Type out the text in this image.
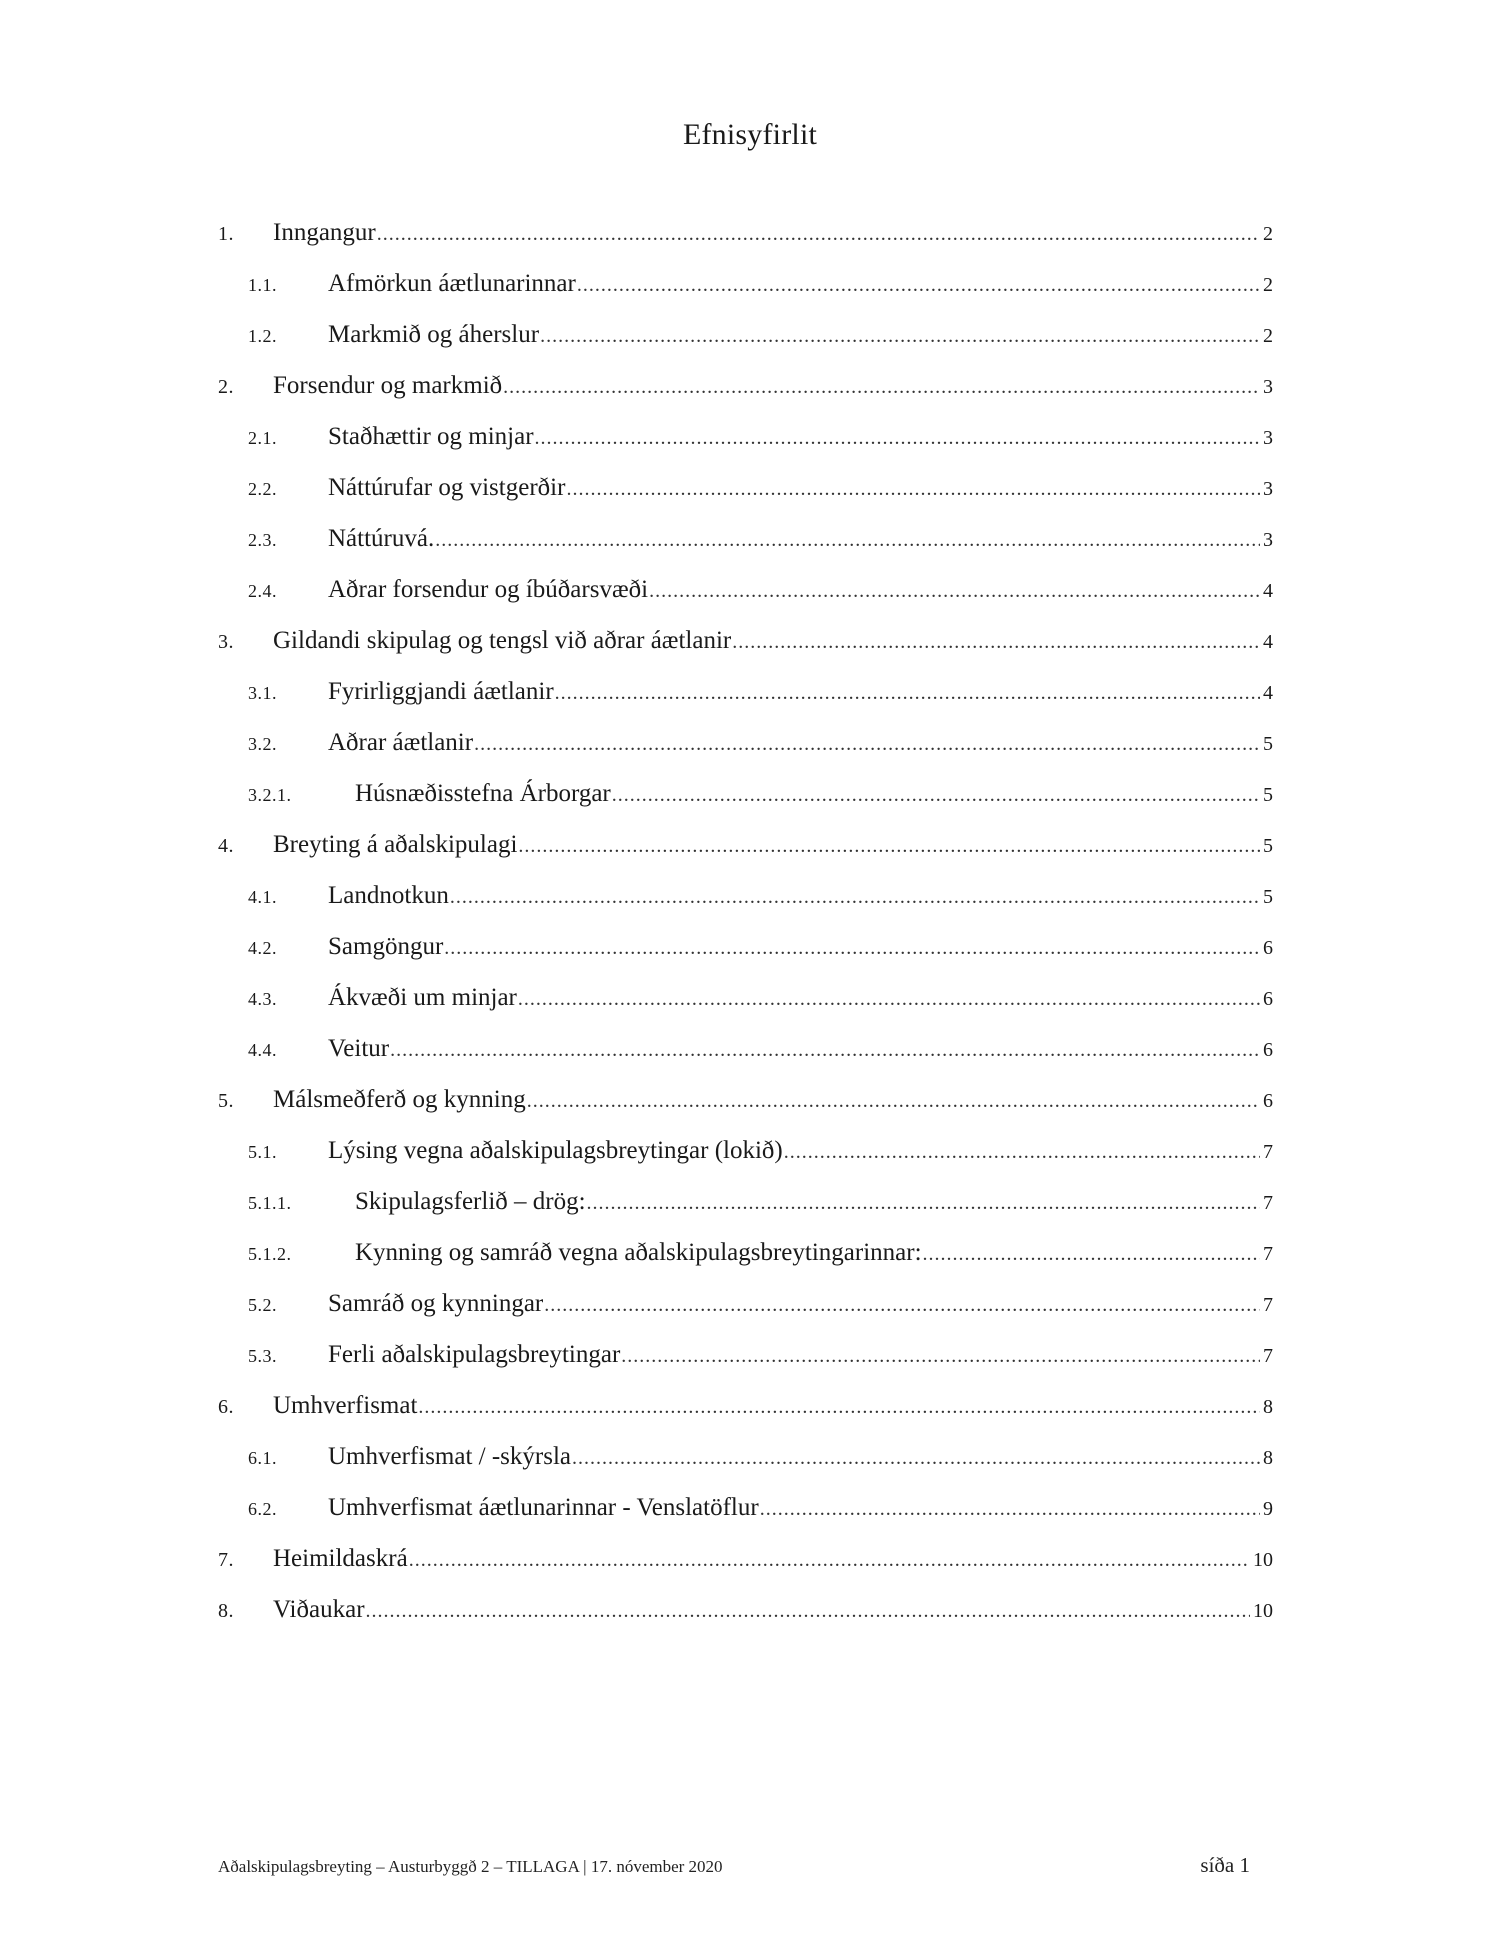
Efnisyfirlit
1.	Inngangur .....	2
1.1.	Afmörkun áætlunarinnar .....	2
1.2.	Markmið og áherslur .....	2
2.	Forsendur og markmið .....	3
2.1.	Staðhættir og minjar .....	3
2.2.	Náttúrufar og vistgerðir .....	3
2.3.	Náttúruvá. .....	3
2.4.	Aðrar forsendur og íbúðarsvæði .....	4
3.	Gildandi skipulag og tengsl við aðrar áætlanir .....	4
3.1.	Fyrirliggjandi áætlanir .....	4
3.2.	Aðrar áætlanir .....	5
3.2.1.	Húsnæðisstefna Árborgar .....	5
4.	Breyting á aðalskipulagi .....	5
4.1.	Landnotkun .....	5
4.2.	Samgöngur .....	6
4.3.	Ákvæði um minjar .....	6
4.4.	Veitur .....	6
5.	Málsmeðferð og kynning .....	6
5.1.	Lýsing vegna aðalskipulagsbreytingar (lokið) .....	7
5.1.1.	Skipulagsferlið – drög: .....	7
5.1.2.	Kynning og samráð vegna aðalskipulagsbreytingarinnar: .....	7
5.2.	Samráð og kynningar .....	7
5.3.	Ferli aðalskipulagsbreytingar .....	7
6.	Umhverfismat .....	8
6.1.	Umhverfismat / -skýrsla .....	8
6.2.	Umhverfismat áætlunarinnar - Venslatöflur .....	9
7.	Heimildaskrá .....	10
8.	Viðaukar .....	10
Aðalskipulagsbreyting – Austurbyggð 2 – TILLAGA | 17. nóvember 2020	síða 1
